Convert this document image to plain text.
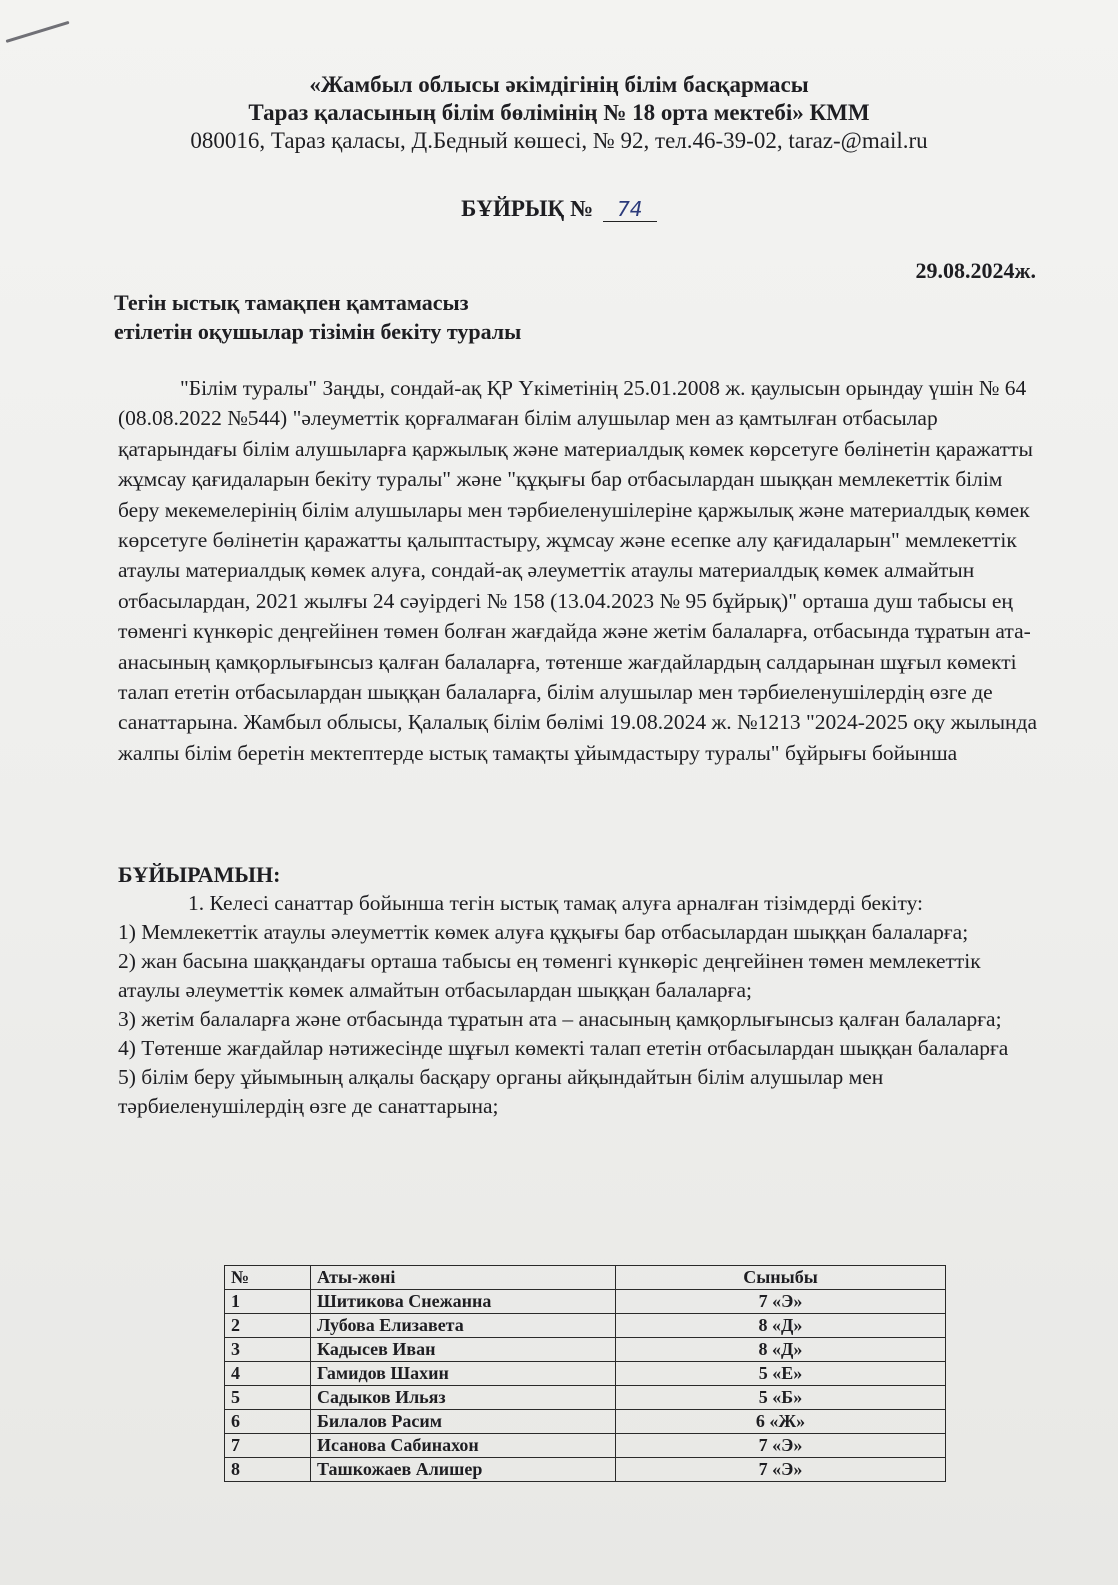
«Жамбыл облысы әкімдігінің білім басқармасы
Тараз қаласының білім бөлімінің № 18 орта мектебі» КММ
080016, Тараз қаласы, Д.Бедный көшесі, № 92, тел.46-39-02, taraz-@mail.ru
БҰЙРЫҚ № 74
29.08.2024ж.
Тегін ыстық тамақпен қамтамасыз
етілетін оқушылар тізімін бекіту туралы
"Білім туралы" Заңды, сондай-ақ ҚР Үкіметінің 25.01.2008 ж. қаулысын орындау үшін № 64 (08.08.2022 №544) "әлеуметтік қорғалмаған білім алушылар мен аз қамтылған отбасылар қатарындағы білім алушыларға қаржылық және материалдық көмек көрсетуге бөлінетін қаражатты жұмсау қағидаларын бекіту туралы" және "құқығы бар отбасылардан шыққан мемлекеттік білім беру мекемелерінің білім алушылары мен тәрбиеленушілеріне қаржылық және материалдық көмек көрсетуге бөлінетін қаражатты қалыптастыру, жұмсау және есепке алу қағидаларын" мемлекеттік атаулы материалдық көмек алуға, сондай-ақ әлеуметтік атаулы материалдық көмек алмайтын отбасылардан, 2021 жылғы 24 сәуірдегі № 158 (13.04.2023 № 95 бұйрық)" орташа душ табысы ең төменгі күнкөріс деңгейінен төмен болған жағдайда және жетім балаларға, отбасында тұратын ата-анасының қамқорлығынсыз қалған балаларға, төтенше жағдайлардың салдарынан шұғыл көмекті талап ететін отбасылардан шыққан балаларға, білім алушылар мен тәрбиеленушілердің өзге де санаттарына. Жамбыл облысы, Қалалық білім бөлімі 19.08.2024 ж. №1213 "2024-2025 оқу жылында жалпы білім беретін мектептерде ыстық тамақты ұйымдастыру туралы" бұйрығы бойынша
БҰЙЫРАМЫН:
1. Келесі санаттар бойынша тегін ыстық тамақ алуға арналған тізімдерді бекіту:

1) Мемлекеттік атаулы әлеуметтік көмек алуға құқығы бар отбасылардан шыққан балаларға;

2) жан басына шаққандағы орташа табысы ең төменгі күнкөріс деңгейінен төмен мемлекеттік атаулы әлеуметтік көмек алмайтын отбасылардан шыққан балаларға;

3) жетім балаларға және отбасында тұратын ата – анасының қамқорлығынсыз қалған балаларға;

4) Төтенше жағдайлар нәтижесінде шұғыл көмекті талап ететін отбасылардан шыққан балаларға

5) білім беру ұйымының алқалы басқару органы айқындайтын білім алушылар мен тәрбиеленушілердің өзге де санаттарына;

№	Аты-жөні	Сыныбы
1	Шитикова Снежанна	7 «Э»
2	Лубова Елизавета	8 «Д»
3	Кадысев Иван	8 «Д»
4	Гамидов Шахин	5 «Е»
5	Садыков Ильяз	5 «Б»
6	Билалов Расим	6 «Ж»
7	Исанова Сабинахон	7 «Э»
8	Ташкожаев Алишер	7 «Э»
